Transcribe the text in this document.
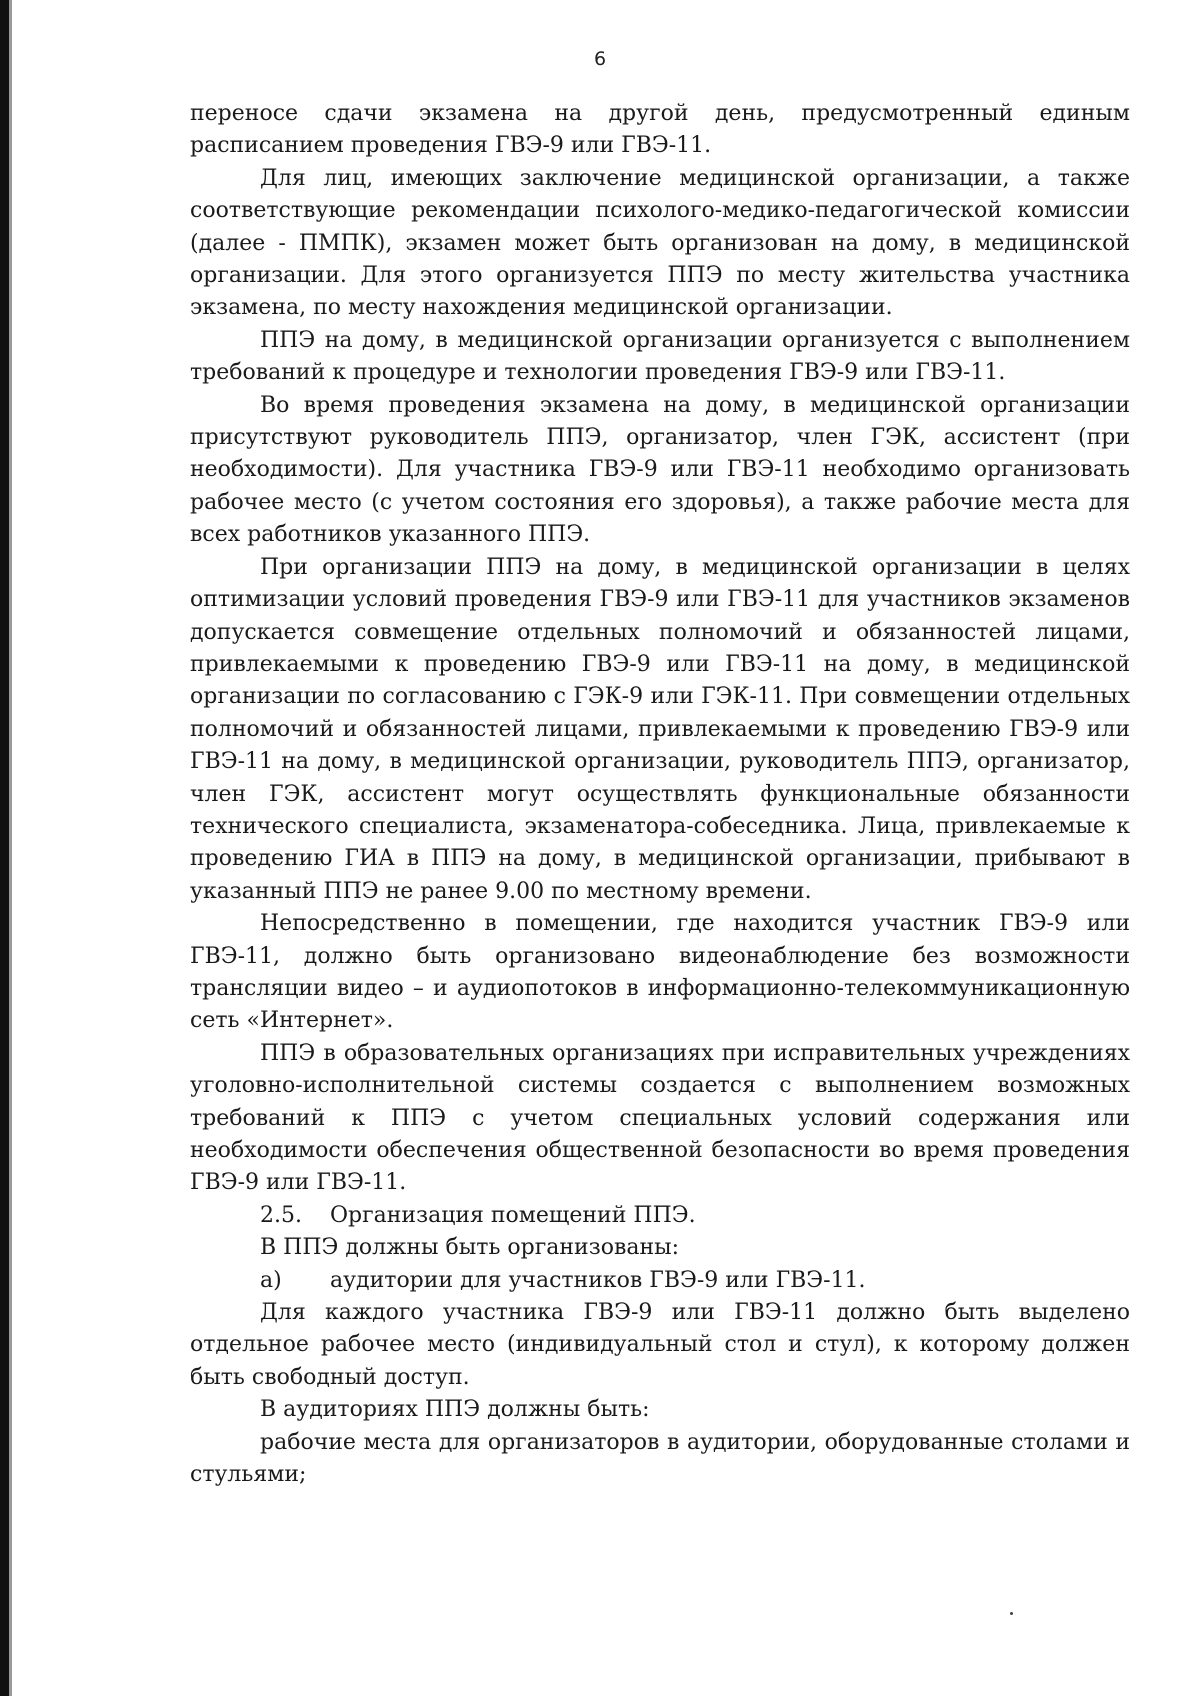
6

переносе сдачи экзамена на другой день, предусмотренный единым расписанием проведения ГВЭ-9 или ГВЭ-11.

Для лиц, имеющих заключение медицинской организации, а также соответствующие рекомендации психолого-медико-педагогической комиссии (далее - ПМПК), экзамен может быть организован на дому, в медицинской организации. Для этого организуется ППЭ по месту жительства участника экзамена, по месту нахождения медицинской организации.

ППЭ на дому, в медицинской организации организуется с выполнением требований к процедуре и технологии проведения ГВЭ-9 или ГВЭ-11.

Во время проведения экзамена на дому, в медицинской организации присутствуют руководитель ППЭ, организатор, член ГЭК, ассистент (при необходимости). Для участника ГВЭ-9 или ГВЭ-11 необходимо организовать рабочее место (с учетом состояния его здоровья), а также рабочие места для всех работников указанного ППЭ.

При организации ППЭ на дому, в медицинской организации в целях оптимизации условий проведения ГВЭ-9 или ГВЭ-11 для участников экзаменов допускается совмещение отдельных полномочий и обязанностей лицами, привлекаемыми к проведению ГВЭ-9 или ГВЭ-11 на дому, в медицинской организации по согласованию с ГЭК-9 или ГЭК-11. При совмещении отдельных полномочий и обязанностей лицами, привлекаемыми к проведению ГВЭ-9 или ГВЭ-11 на дому, в медицинской организации, руководитель ППЭ, организатор, член ГЭК, ассистент могут осуществлять функциональные обязанности технического специалиста, экзаменатора-собеседника. Лица, привлекаемые к проведению ГИА в ППЭ на дому, в медицинской организации, прибывают в указанный ППЭ не ранее 9.00 по местному времени.

Непосредственно в помещении, где находится участник ГВЭ-9 или ГВЭ-11, должно быть организовано видеонаблюдение без возможности трансляции видео – и аудиопотоков в информационно-телекоммуникационную сеть «Интернет».

ППЭ в образовательных организациях при исправительных учреждениях уголовно-исполнительной системы создается с выполнением возможных требований к ППЭ с учетом специальных условий содержания или необходимости обеспечения общественной безопасности во время проведения ГВЭ-9 или ГВЭ-11.

2.5.	Организация помещений ППЭ.

В ППЭ должны быть организованы:

а)	аудитории для участников ГВЭ-9 или ГВЭ-11.

Для каждого участника ГВЭ-9 или ГВЭ-11 должно быть выделено отдельное рабочее место (индивидуальный стол и стул), к которому должен быть свободный доступ.

В аудиториях ППЭ должны быть:

рабочие места для организаторов в аудитории, оборудованные столами и стульями;
